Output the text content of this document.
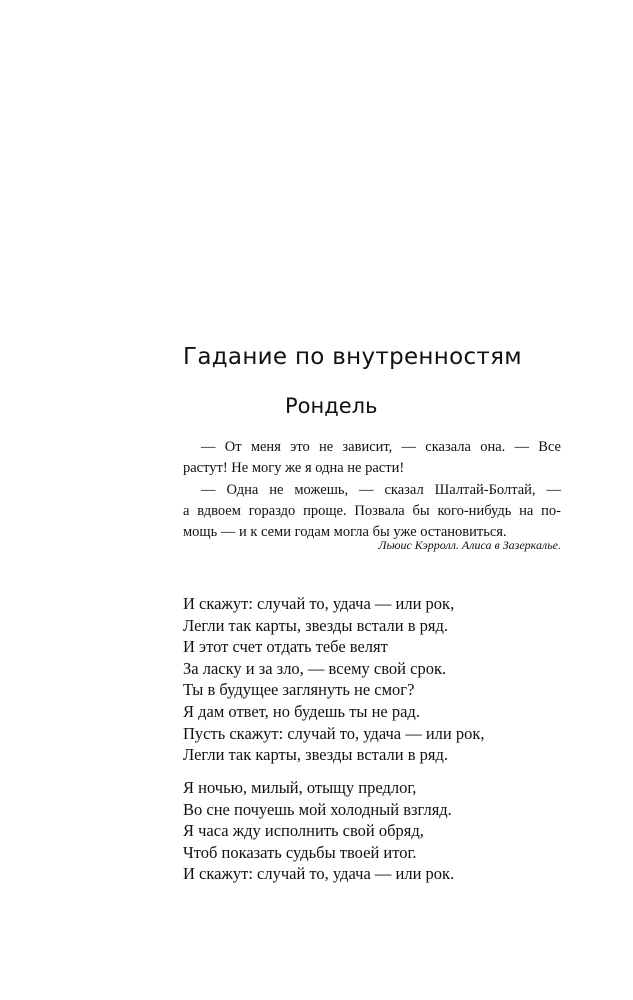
Гадание по внутренностям
Рондель

— От меня это не зависит, — сказала она. — Все

растут! Не могу же я одна не расти!

— Одна не можешь, — сказал Шалтай-Болтай, —

а вдвоем гораздо проще. Позвала бы кого-нибудь на по-

мощь — и к семи годам могла бы уже остановиться.

Льюис Кэрролл. Алиса в Зазеркалье.
И скажут: случай то, удача — или рок,
Легли так карты, звезды встали в ряд.
И этот счет отдать тебе велят
За ласку и за зло, — всему свой срок.
Ты в будущее заглянуть не смог?
Я дам ответ, но будешь ты не рад.
Пусть скажут: случай то, удача — или рок,
Легли так карты, звезды встали в ряд.
Я ночью, милый, отыщу предлог,
Во сне почуешь мой холодный взгляд.
Я часа жду исполнить свой обряд,
Чтоб показать судьбы твоей итог.
И скажут: случай то, удача — или рок.
